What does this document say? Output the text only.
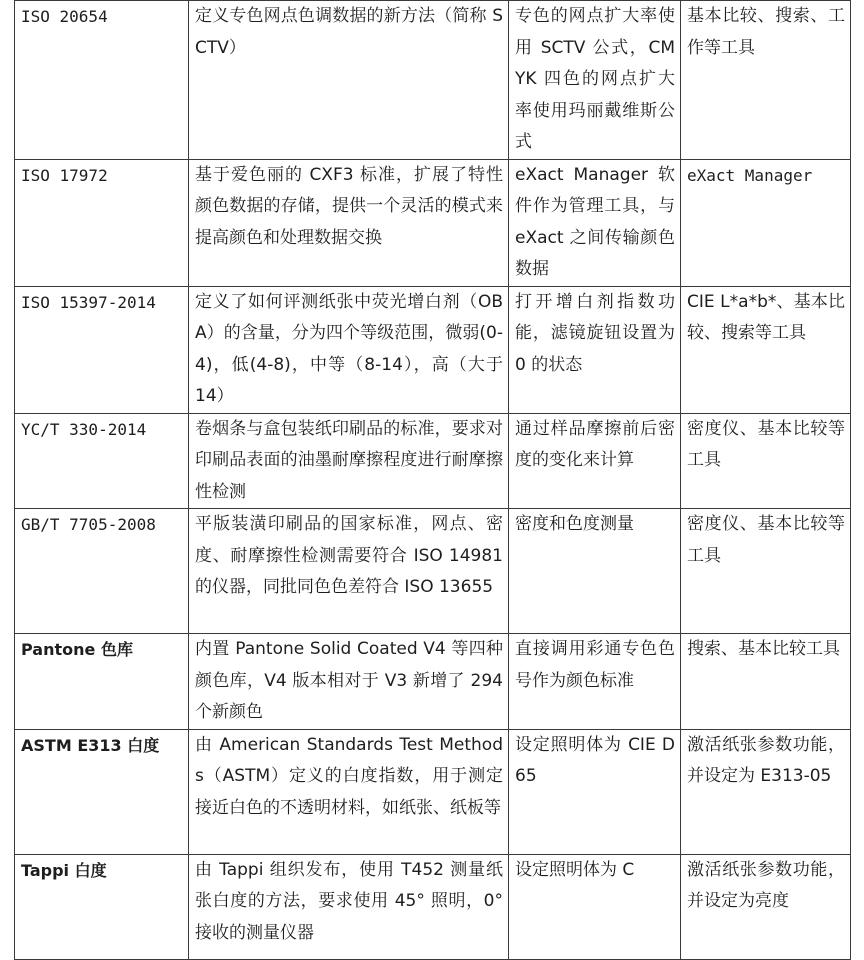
ISO 20654	定义专色网点色调数据的新方法（简称 SCTV）	专色的网点扩大率使用 SCTV 公式，CMYK 四色的网点扩大率使用玛丽戴维斯公式	基本比较、搜索、工作等工具
ISO 17972	基于爱色丽的 CXF3 标准，扩展了特性颜色数据的存储，提供一个灵活的模式来提高颜色和处理数据交换	eXact Manager 软件作为管理工具，与 eXact 之间传输颜色数据	eXact Manager
ISO 15397-2014	定义了如何评测纸张中荧光增白剂（OBA）的含量，分为四个等级范围，微弱(0-4)，低(4-8)，中等（8-14），高（大于 14）	打开增白剂指数功能，滤镜旋钮设置为 0 的状态	CIE L*a*b*、基本比较、搜索等工具
YC/T 330-2014	卷烟条与盒包装纸印刷品的标准，要求对印刷品表面的油墨耐摩擦程度进行耐摩擦性检测	通过样品摩擦前后密度的变化来计算	密度仪、基本比较等工具
GB/T 7705-2008	平版装潢印刷品的国家标准，网点、密度、耐摩擦性检测需要符合 ISO 14981 的仪器，同批同色色差符合 ISO 13655	密度和色度测量	密度仪、基本比较等工具
Pantone 色库	内置 Pantone Solid Coated V4 等四种颜色库，V4 版本相对于 V3 新增了 294 个新颜色	直接调用彩通专色色号作为颜色标准	搜索、基本比较工具
ASTM E313 白度	由 American Standards Test Methods（ASTM）定义的白度指数，用于测定接近白色的不透明材料，如纸张、纸板等	设定照明体为 CIE D65	激活纸张参数功能，并设定为 E313-05
Tappi 白度	由 Tappi 组织发布，使用 T452 测量纸张白度的方法，要求使用 45° 照明，0° 接收的测量仪器	设定照明体为 C	激活纸张参数功能，并设定为亮度
